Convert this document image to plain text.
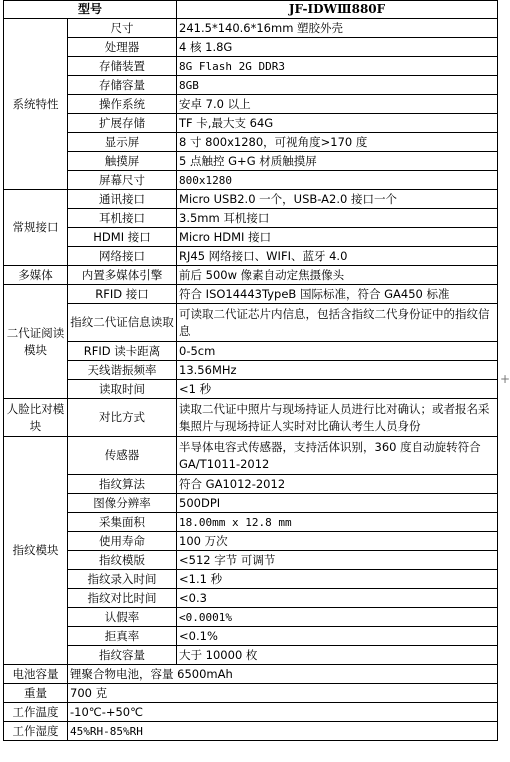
型号		JF-IDWⅢ880F
系统特性	尺寸	241.5*140.6*16mm 塑胶外壳
	处理器	4 核 1.8G
	存储装置	8G Flash 2G DDR3
	存储容量	8GB
	操作系统	安卓 7.0 以上
	扩展存储	TF 卡,最大支 64G
	显示屏	8 寸 800x1280，可视角度>170 度
	触摸屏	5 点触控 G+G 材质触摸屏
	屏幕尺寸	800x1280
常规接口	通讯接口	Micro USB2.0 一个，USB-A2.0 接口一个
	耳机接口	3.5mm 耳机接口
	HDMI 接口	Micro HDMI 接口
	网络接口	RJ45 网络接口、WIFI、蓝牙 4.0
多媒体	内置多媒体引擎	前后 500w 像素自动定焦摄像头
二代证阅读模块	RFID 接口	符合 ISO14443TypeB 国际标准，符合 GA450 标准
	指纹二代证信息读取	可读取二代证芯片内信息，包括含指纹二代身份证中的指纹信息
	RFID 读卡距离	0-5cm
	天线谐振频率	13.56MHz
	读取时间	<1 秒
人脸比对模块	对比方式	读取二代证中照片与现场持证人员进行比对确认；或者报名采集照片与现场持证人实时对比确认考生人员身份
指纹模块	传感器	半导体电容式传感器，支持活体识别，360 度自动旋转符合 GA/T1011-2012
	指纹算法	符合 GA1012-2012
	图像分辨率	500DPI
	采集面积	18.00mm x 12.8 mm
	使用寿命	100 万次
	指纹模版	<512 字节 可调节
	指纹录入时间	<1.1 秒
	指纹对比时间	<0.3
	认假率	<0.0001%
	拒真率	<0.1%
	指纹容量	大于 10000 枚
电池容量	锂聚合物电池，容量 6500mAh	
重量	700 克	
工作温度	-10℃-+50℃	
工作湿度	45%RH-85%RH	
+
